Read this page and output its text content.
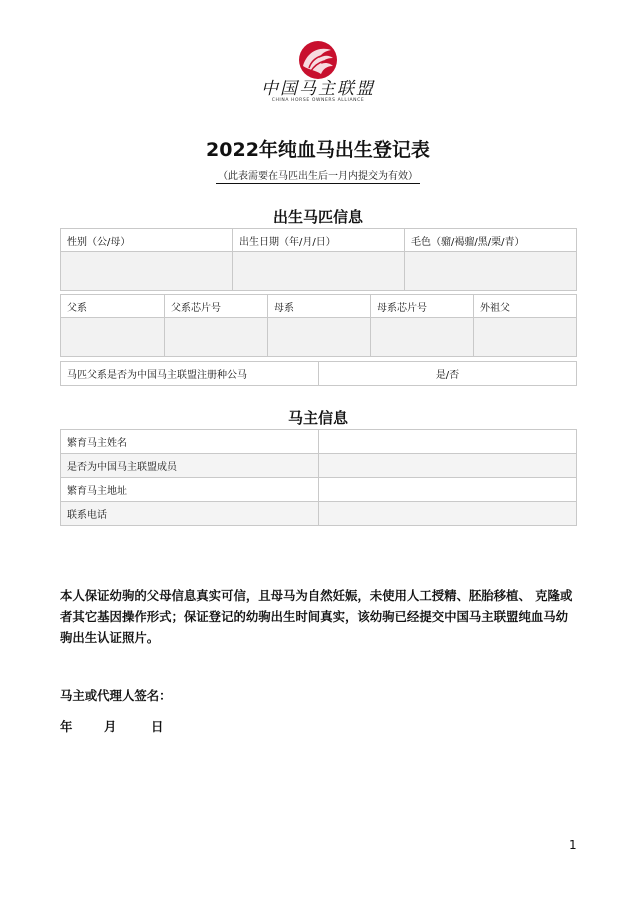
中国马主联盟
CHINA HORSE OWNERS ALLIANCE
2022年纯血马出生登记表
（此表需要在马匹出生后一月内提交为有效）
出生马匹信息
性别（公/母）	出生日期（年/月/日）	毛色（骝/褐骝/黑/栗/青）

父系	父系芯片号	母系	母系芯片号	外祖父

马匹父系是否为中国马主联盟注册种公马	是/否
马主信息
繁育马主姓名	
是否为中国马主联盟成员	
繁育马主地址	
联系电话	
本人保证幼驹的父母信息真实可信，且母马为自然妊娠，未使用人工授精、胚胎移植、 克隆或者其它基因操作形式；保证登记的幼驹出生时间真实，该幼驹已经提交中国马主联盟纯血马幼驹出生认证照片。
马主或代理人签名：
年	月	日
1
